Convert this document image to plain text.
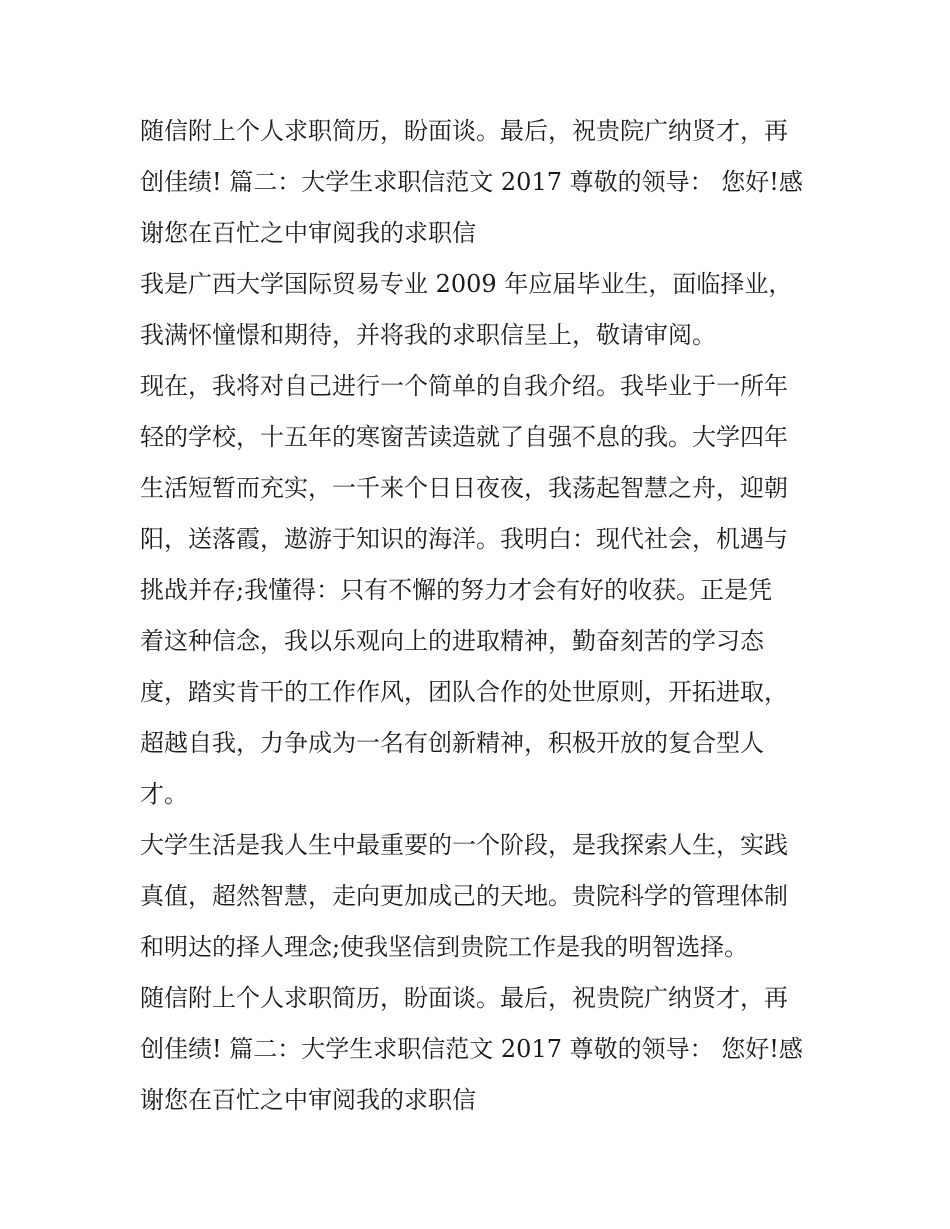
随信附上个人求职简历，盼面谈。最后，祝贵院广纳贤才，再
创佳绩! 篇二：大学生求职信范文 2017 尊敬的领导： 您好!感
谢您在百忙之中审阅我的求职信

我是广西大学国际贸易专业 2009 年应届毕业生，面临择业，
我满怀憧憬和期待，并将我的求职信呈上，敬请审阅。

现在，我将对自己进行一个简单的自我介绍。我毕业于一所年
轻的学校，十五年的寒窗苦读造就了自强不息的我。大学四年
生活短暂而充实，一千来个日日夜夜，我荡起智慧之舟，迎朝
阳，送落霞，遨游于知识的海洋。我明白：现代社会，机遇与
挑战并存;我懂得：只有不懈的努力才会有好的收获。正是凭
着这种信念，我以乐观向上的进取精神，勤奋刻苦的学习态
度，踏实肯干的工作作风，团队合作的处世原则，开拓进取，
超越自我，力争成为一名有创新精神，积极开放的复合型人
才。

大学生活是我人生中最重要的一个阶段，是我探索人生，实践
真值，超然智慧，走向更加成己的天地。贵院科学的管理体制
和明达的择人理念;使我坚信到贵院工作是我的明智选择。

随信附上个人求职简历，盼面谈。最后，祝贵院广纳贤才，再
创佳绩! 篇二：大学生求职信范文 2017 尊敬的领导： 您好!感
谢您在百忙之中审阅我的求职信
